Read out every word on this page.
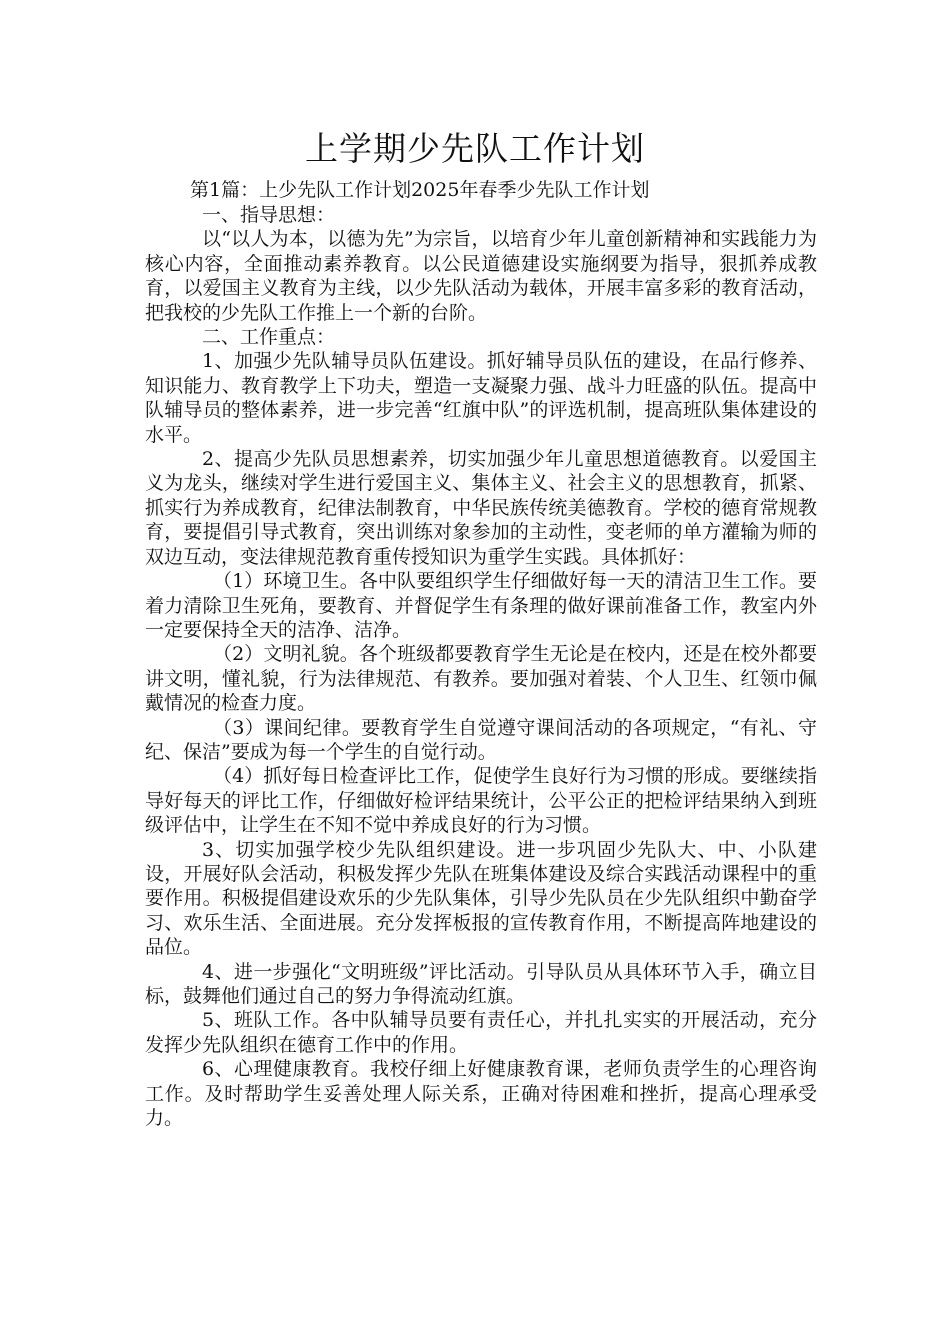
上学期少先队工作计划
第1篇：上少先队工作计划2025年春季少先队工作计划

一、指导思想：

以“以人为本，以德为先”为宗旨，以培育少年儿童创新精神和实践能力为核心内容，全面推动素养教育。以公民道德建设实施纲要为指导，狠抓养成教育，以爱国主义教育为主线，以少先队活动为载体，开展丰富多彩的教育活动，把我校的少先队工作推上一个新的台阶。

二、工作重点：

1、加强少先队辅导员队伍建设。抓好辅导员队伍的建设，在品行修养、知识能力、教育教学上下功夫，塑造一支凝聚力强、战斗力旺盛的队伍。提高中队辅导员的整体素养，进一步完善“红旗中队”的评选机制，提高班队集体建设的水平。

2、提高少先队员思想素养，切实加强少年儿童思想道德教育。以爱国主义为龙头，继续对学生进行爱国主义、集体主义、社会主义的思想教育，抓紧、抓实行为养成教育，纪律法制教育，中华民族传统美德教育。学校的德育常规教育，要提倡引导式教育，突出训练对象参加的主动性，变老师的单方灌输为师的双边互动，变法律规范教育重传授知识为重学生实践。具体抓好：

（1）环境卫生。各中队要组织学生仔细做好每一天的清洁卫生工作。要着力清除卫生死角，要教育、并督促学生有条理的做好课前准备工作，教室内外一定要保持全天的洁净、洁净。

（2）文明礼貌。各个班级都要教育学生无论是在校内，还是在校外都要讲文明，懂礼貌，行为法律规范、有教养。要加强对着装、个人卫生、红领巾佩戴情况的检查力度。

（3）课间纪律。要教育学生自觉遵守课间活动的各项规定，“有礼、守纪、保洁”要成为每一个学生的自觉行动。

（4）抓好每日检查评比工作，促使学生良好行为习惯的形成。要继续指导好每天的评比工作，仔细做好检评结果统计，公平公正的把检评结果纳入到班级评估中，让学生在不知不觉中养成良好的行为习惯。

3、切实加强学校少先队组织建设。进一步巩固少先队大、中、小队建设，开展好队会活动，积极发挥少先队在班集体建设及综合实践活动课程中的重要作用。积极提倡建设欢乐的少先队集体，引导少先队员在少先队组织中勤奋学习、欢乐生活、全面进展。充分发挥板报的宣传教育作用，不断提高阵地建设的品位。

4、进一步强化“文明班级”评比活动。引导队员从具体环节入手，确立目标，鼓舞他们通过自己的努力争得流动红旗。

5、班队工作。各中队辅导员要有责任心，并扎扎实实的开展活动，充分发挥少先队组织在德育工作中的作用。

6、心理健康教育。我校仔细上好健康教育课，老师负责学生的心理咨询工作。及时帮助学生妥善处理人际关系，正确对待困难和挫折，提高心理承受力。
